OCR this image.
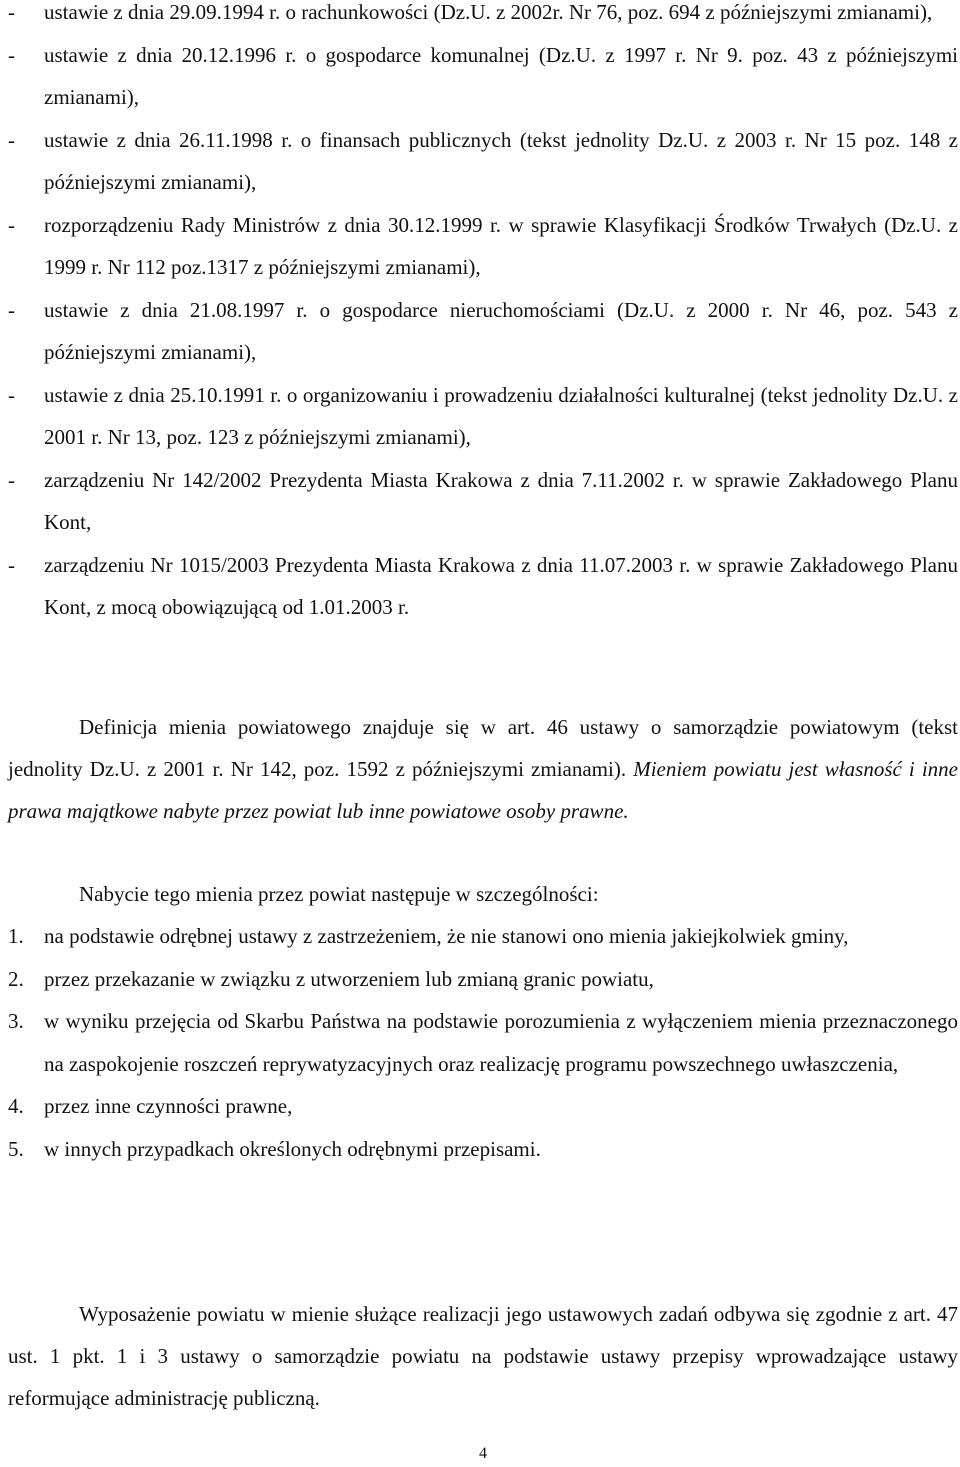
-	ustawie z dnia 29.09.1994 r. o rachunkowości (Dz.U. z 2002r. Nr 76, poz. 694 z późniejszymi zmianami),
-	ustawie z dnia 20.12.1996 r. o gospodarce komunalnej (Dz.U. z 1997 r. Nr 9. poz. 43 z późniejszymi zmianami),
-	ustawie z dnia 26.11.1998 r. o finansach publicznych (tekst jednolity Dz.U. z 2003 r. Nr 15 poz. 148 z późniejszymi zmianami),
-	rozporządzeniu Rady Ministrów z dnia 30.12.1999 r. w sprawie Klasyfikacji Środków Trwałych (Dz.U. z 1999 r. Nr 112 poz.1317 z późniejszymi zmianami),
-	ustawie z dnia 21.08.1997 r. o gospodarce nieruchomościami (Dz.U. z 2000 r. Nr 46, poz. 543 z późniejszymi zmianami),
-	ustawie z dnia 25.10.1991 r. o organizowaniu i prowadzeniu działalności kulturalnej (tekst jednolity Dz.U. z 2001 r. Nr 13, poz. 123 z późniejszymi zmianami),
-	zarządzeniu Nr 142/2002 Prezydenta Miasta Krakowa z dnia 7.11.2002 r. w sprawie Zakładowego Planu Kont,
-	zarządzeniu Nr 1015/2003 Prezydenta Miasta Krakowa z dnia 11.07.2003 r. w sprawie Zakładowego Planu Kont, z mocą obowiązującą od 1.01.2003 r.

Definicja mienia powiatowego znajduje się w art. 46 ustawy o samorządzie powiatowym (tekst jednolity Dz.U. z 2001 r. Nr 142, poz. 1592 z późniejszymi zmianami). Mieniem powiatu jest własność i inne prawa majątkowe nabyte przez powiat lub inne powiatowe osoby prawne.

Nabycie tego mienia przez powiat następuje w szczególności:

1. na podstawie odrębnej ustawy z zastrzeżeniem, że nie stanowi ono mienia jakiejkolwiek gminy,
2. przez przekazanie w związku z utworzeniem lub zmianą granic powiatu,
3. w wyniku przejęcia od Skarbu Państwa na podstawie porozumienia z wyłączeniem mienia przeznaczonego na zaspokojenie roszczeń reprywatyzacyjnych oraz realizację programu powszechnego uwłaszczenia,
4. przez inne czynności prawne,
5. w innych przypadkach określonych odrębnymi przepisami.

Wyposażenie powiatu w mienie służące realizacji jego ustawowych zadań odbywa się zgodnie z art. 47 ust. 1 pkt. 1 i 3 ustawy o samorządzie powiatu na podstawie ustawy przepisy wprowadzające ustawy reformujące administrację publiczną.

4
